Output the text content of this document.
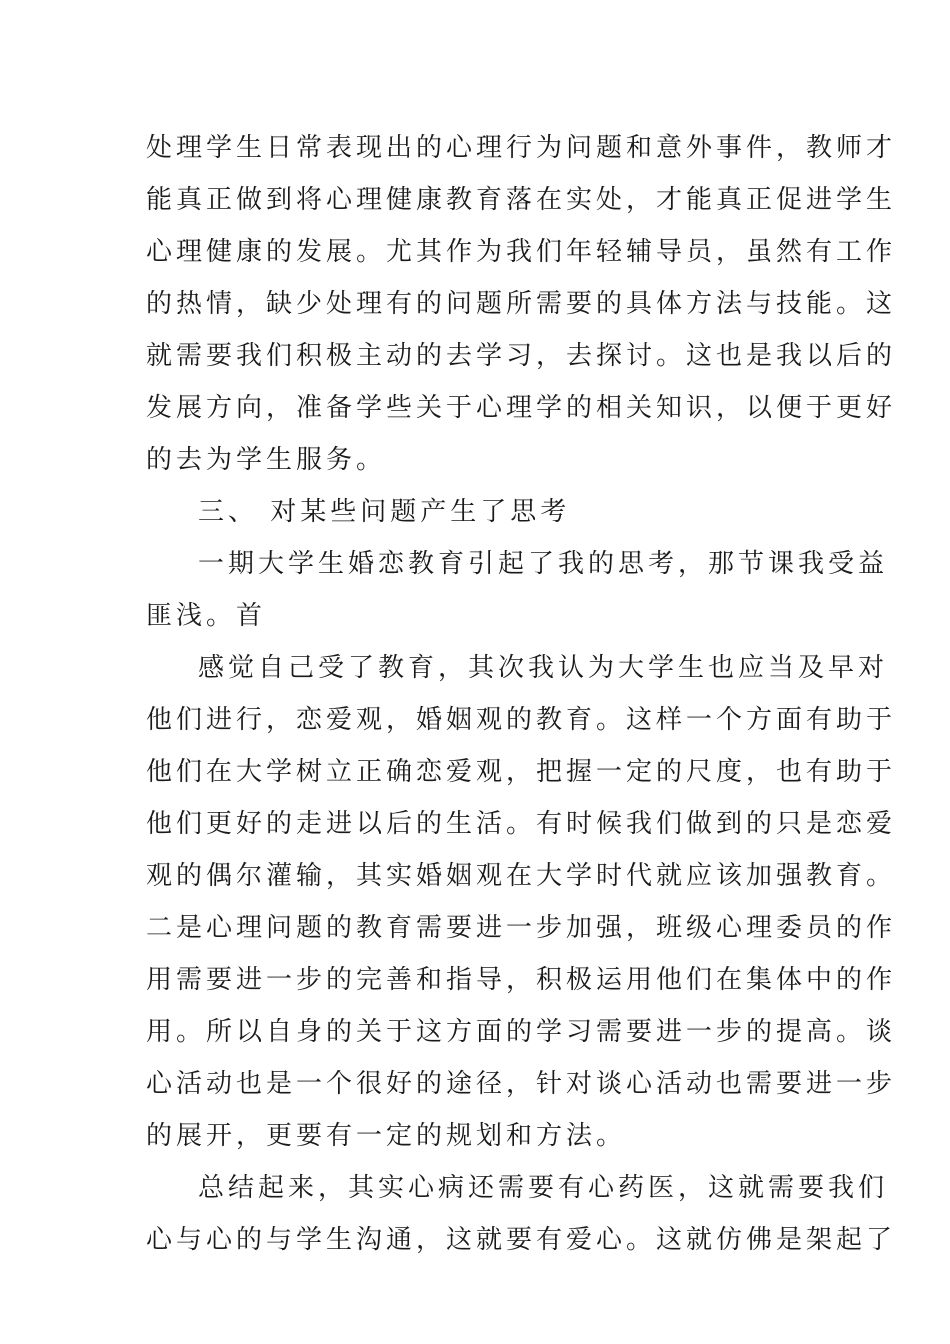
处理学生日常表现出的心理行为问题和意外事件，教师才
能真正做到将心理健康教育落在实处，才能真正促进学生
心理健康的发展。尤其作为我们年轻辅导员，虽然有工作
的热情，缺少处理有的问题所需要的具体方法与技能。这
就需要我们积极主动的去学习，去探讨。这也是我以后的
发展方向，准备学些关于心理学的相关知识，以便于更好
的去为学生服务。
三、 对某些问题产生了思考
一期大学生婚恋教育引起了我的思考，那节课我受益
匪浅。首
感觉自己受了教育，其次我认为大学生也应当及早对
他们进行，恋爱观，婚姻观的教育。这样一个方面有助于
他们在大学树立正确恋爱观，把握一定的尺度，也有助于
他们更好的走进以后的生活。有时候我们做到的只是恋爱
观的偶尔灌输，其实婚姻观在大学时代就应该加强教育。
二是心理问题的教育需要进一步加强，班级心理委员的作
用需要进一步的完善和指导，积极运用他们在集体中的作
用。所以自身的关于这方面的学习需要进一步的提高。谈
心活动也是一个很好的途径，针对谈心活动也需要进一步
的展开，更要有一定的规划和方法。
总结起来，其实心病还需要有心药医，这就需要我们
心与心的与学生沟通，这就要有爱心。这就仿佛是架起了
